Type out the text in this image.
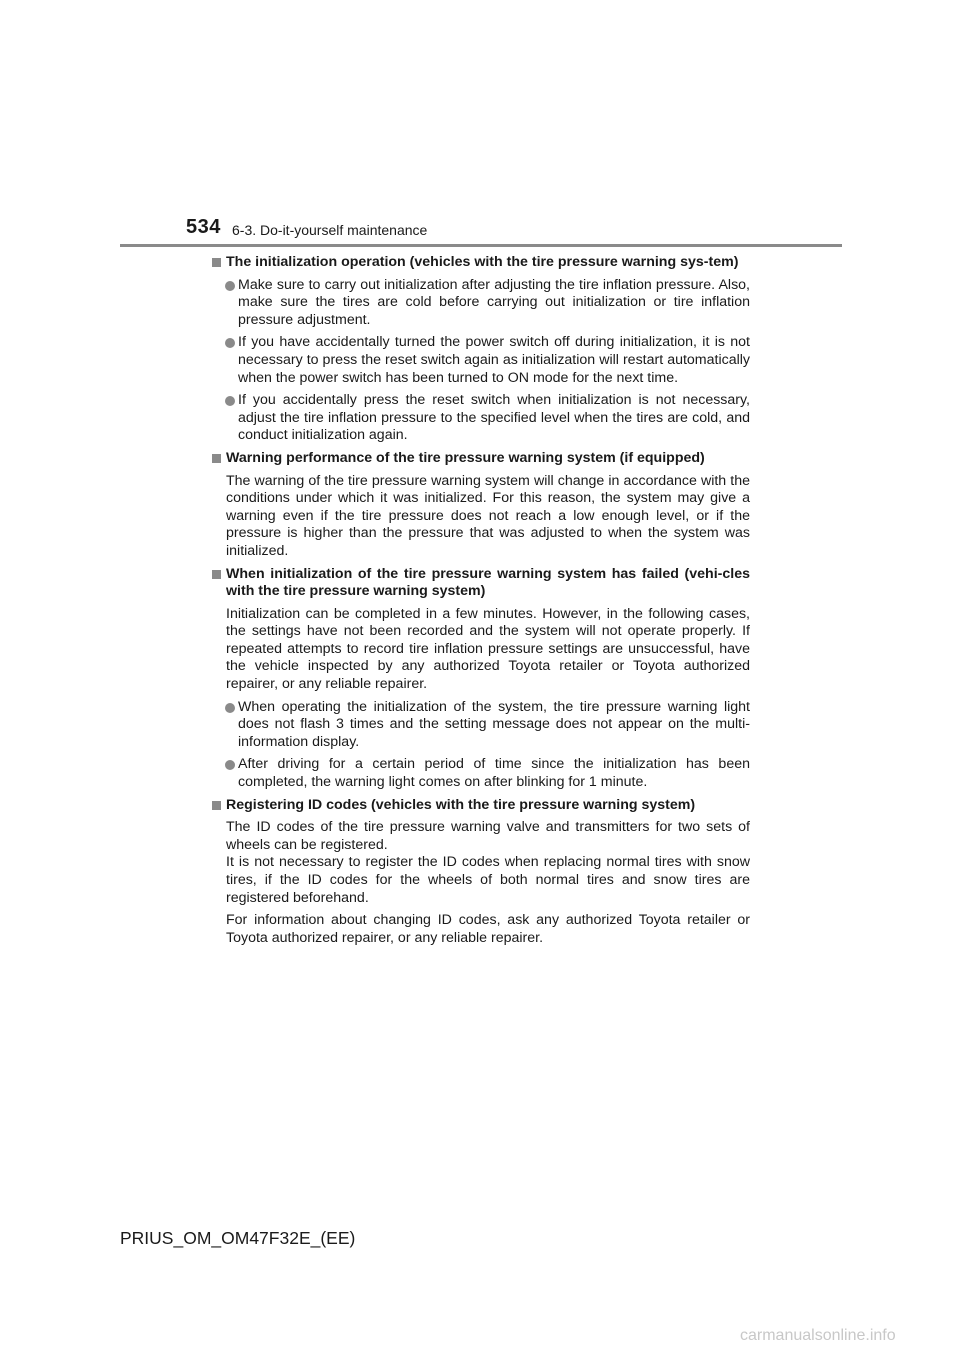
534 6-3. Do-it-yourself maintenance
The initialization operation (vehicles with the tire pressure warning sys-tem)
Make sure to carry out initialization after adjusting the tire inflation pressure. Also, make sure the tires are cold before carrying out initialization or tire inflation pressure adjustment.
If you have accidentally turned the power switch off during initialization, it is not necessary to press the reset switch again as initialization will restart automatically when the power switch has been turned to ON mode for the next time.
If you accidentally press the reset switch when initialization is not necessary, adjust the tire inflation pressure to the specified level when the tires are cold, and conduct initialization again.
Warning performance of the tire pressure warning system (if equipped)
The warning of the tire pressure warning system will change in accordance with the conditions under which it was initialized. For this reason, the system may give a warning even if the tire pressure does not reach a low enough level, or if the pressure is higher than the pressure that was adjusted to when the system was initialized.
When initialization of the tire pressure warning system has failed (vehi-cles with the tire pressure warning system)
Initialization can be completed in a few minutes. However, in the following cases, the settings have not been recorded and the system will not operate properly. If repeated attempts to record tire inflation pressure settings are unsuccessful, have the vehicle inspected by any authorized Toyota retailer or Toyota authorized repairer, or any reliable repairer.
When operating the initialization of the system, the tire pressure warning light does not flash 3 times and the setting message does not appear on the multi-information display.
After driving for a certain period of time since the initialization has been completed, the warning light comes on after blinking for 1 minute.
Registering ID codes (vehicles with the tire pressure warning system)
The ID codes of the tire pressure warning valve and transmitters for two sets of wheels can be registered.
It is not necessary to register the ID codes when replacing normal tires with snow tires, if the ID codes for the wheels of both normal tires and snow tires are registered beforehand.
For information about changing ID codes, ask any authorized Toyota retailer or Toyota authorized repairer, or any reliable repairer.
PRIUS_OM_OM47F32E_(EE)
carmanualsonline.info
